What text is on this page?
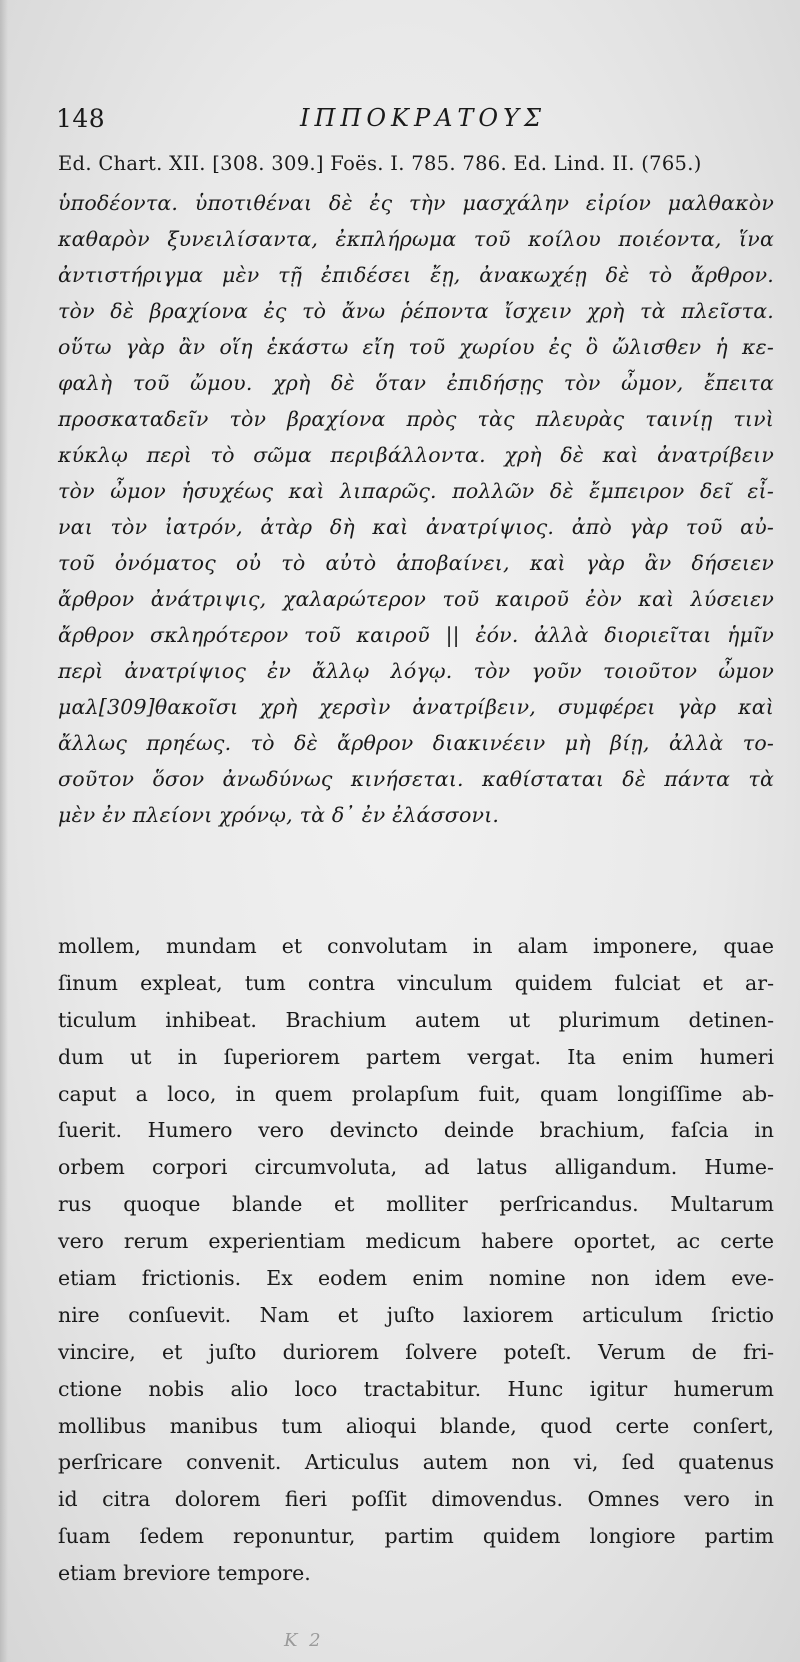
148	ΙΠΠΟΚΡΑΤΟΥΣ
Ed. Chart. XII. [308. 309.] Foës. I. 785. 786. Ed. Lind. II. (765.)
ὑποδέοντα. ὑποτιθέναι δὲ ἐς τὴν μασχάλην εἰρίον μαλθακὸν
καθαρὸν ξυνειλίσαντα, ἐκπλήρωμα τοῦ κοίλου ποιέοντα, ἵνα
ἀντιστήριγμα μὲν τῇ ἐπιδέσει ἔῃ, ἀνακωχέῃ δὲ τὸ ἄρθρον.
τὸν δὲ βραχίονα ἐς τὸ ἄνω ῥέποντα ἴσχειν χρὴ τὰ πλεῖστα.
οὕτω γὰρ ἂν οἵη ἑκάστω εἴη τοῦ χωρίου ἐς ὃ ὤλισθεν ἡ κε-
φαλὴ τοῦ ὤμου. χρὴ δὲ ὅταν ἐπιδήσῃς τὸν ὦμον, ἔπειτα
προσκαταδεῖν τὸν βραχίονα πρὸς τὰς πλευρὰς ταινίῃ τινὶ
κύκλῳ περὶ τὸ σῶμα περιβάλλοντα. χρὴ δὲ καὶ ἀνατρίβειν
τὸν ὦμον ἡσυχέως καὶ λιπαρῶς. πολλῶν δὲ ἔμπειρον δεῖ εἶ-
ναι τὸν ἰατρόν, ἀτὰρ δὴ καὶ ἀνατρίψιος. ἀπὸ γὰρ τοῦ αὐ-
τοῦ ὀνόματος οὐ τὸ αὐτὸ ἀποβαίνει, καὶ γὰρ ἂν δήσειεν
ἄρθρον ἀνάτριψις, χαλαρώτερον τοῦ καιροῦ ἐὸν καὶ λύσειεν
ἄρθρον σκληρότερον τοῦ καιροῦ || ἐόν. ἀλλὰ διοριεῖται ἡμῖν
περὶ ἀνατρίψιος ἐν ἄλλῳ λόγῳ. τὸν γοῦν τοιοῦτον ὦμον
μαλ[309]θακοῖσι χρὴ χερσὶν ἀνατρίβειν, συμφέρει γὰρ καὶ
ἄλλως πρηέως. τὸ δὲ ἄρθρον διακινέειν μὴ βίῃ, ἀλλὰ το-
σοῦτον ὅσον ἀνωδύνως κινήσεται. καθίσταται δὲ πάντα τὰ
μὲν ἐν πλείονι χρόνῳ, τὰ δ᾽ ἐν ἐλάσσονι.
mollem, mundam et convolutam in alam imponere, quae
ſinum expleat, tum contra vinculum quidem fulciat et ar-
ticulum inhibeat. Brachium autem ut plurimum detinen-
dum ut in ſuperiorem partem vergat. Ita enim humeri
caput a loco, in quem prolapſum fuit, quam longiſſime ab-
ſuerit. Humero vero devincto deinde brachium, faſcia in
orbem corpori circumvoluta, ad latus alligandum. Hume-
rus quoque blande et molliter perſricandus. Multarum
vero rerum experientiam medicum habere oportet, ac certe
etiam frictionis. Ex eodem enim nomine non idem eve-
nire conſuevit. Nam et juſto laxiorem articulum ſrictio
vincire, et juſto duriorem ſolvere poteſt. Verum de fri-
ctione nobis alio loco tractabitur. Hunc igitur humerum
mollibus manibus tum alioqui blande, quod certe conſert,
perſricare convenit. Articulus autem non vi, ſed quatenus
id citra dolorem fieri poſſit dimovendus. Omnes vero in
ſuam ſedem reponuntur, partim quidem longiore partim
etiam breviore tempore.
K 2
